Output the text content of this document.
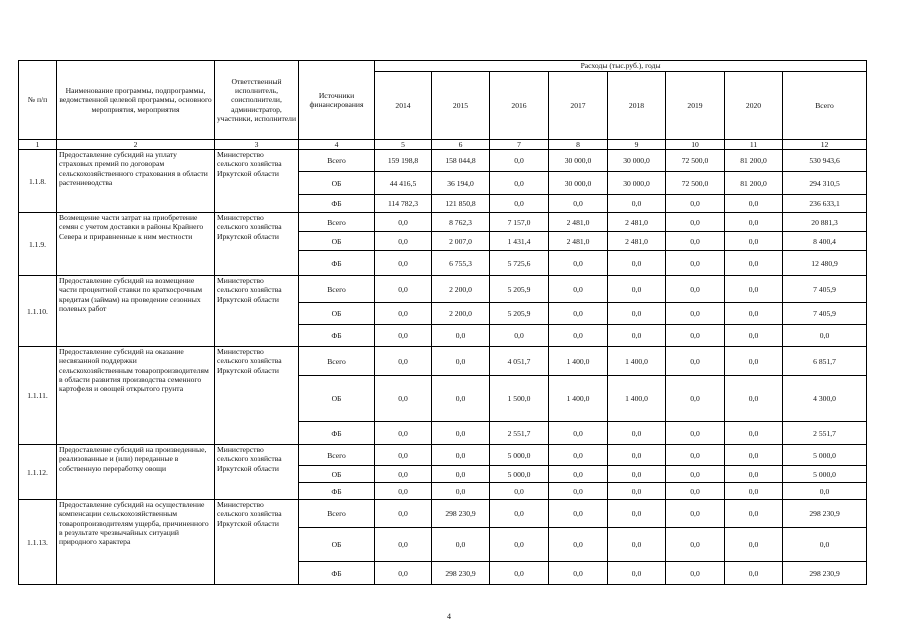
№ п/п	Наименование программы, подпрограммы, ведомственной целевой программы, основного мероприятия, мероприятия	Ответственный исполнитель, соисполнители, администратор, участники, исполнители	Источники финансирования	Расходы (тыс.руб.), годы							
				2014	2015	2016	2017	2018	2019	2020	Всего
1	2	3	4	5	6	7	8	9	10	11	12
1.1.8.	Предоставление субсидий на уплату страховых премий по договорам сельскохозяйственного страхования в области растениеводства	Министерство сельского хозяйства Иркутской области	Всего	159 198,8	158 044,8	0,0	30 000,0	30 000,0	72 500,0	81 200,0	530 943,6
			ОБ	44 416,5	36 194,0	0,0	30 000,0	30 000,0	72 500,0	81 200,0	294 310,5
			ФБ	114 782,3	121 850,8	0,0	0,0	0,0	0,0	0,0	236 633,1
1.1.9.	Возмещение части затрат на приобретение семян с учетом доставки в районы Крайнего Севера и приравненные к ним местности	Министерство сельского хозяйства Иркутской области	Всего	0,0	8 762,3	7 157,0	2 481,0	2 481,0	0,0	0,0	20 881,3
			ОБ	0,0	2 007,0	1 431,4	2 481,0	2 481,0	0,0	0,0	8 400,4
			ФБ	0,0	6 755,3	5 725,6	0,0	0,0	0,0	0,0	12 480,9
1.1.10.	Предоставление субсидий на возмещение части процентной ставки по краткосрочным кредитам (займам) на проведение сезонных полевых работ	Министерство сельского хозяйства Иркутской области	Всего	0,0	2 200,0	5 205,9	0,0	0,0	0,0	0,0	7 405,9
			ОБ	0,0	2 200,0	5 205,9	0,0	0,0	0,0	0,0	7 405,9
			ФБ	0,0	0,0	0,0	0,0	0,0	0,0	0,0	0,0
1.1.11.	Предоставление субсидий на оказание несвязанной поддержки сельскохозяйственным товаропроизводителям в области развития производства семенного картофеля и овощей открытого грунта	Министерство сельского хозяйства Иркутской области	Всего	0,0	0,0	4 051,7	1 400,0	1 400,0	0,0	0,0	6 851,7
			ОБ	0,0	0,0	1 500,0	1 400,0	1 400,0	0,0	0,0	4 300,0
			ФБ	0,0	0,0	2 551,7	0,0	0,0	0,0	0,0	2 551,7
1.1.12.	Предоставление субсидий на произведенные, реализованные и (или) переданные в собственную переработку овощи	Министерство сельского хозяйства Иркутской области	Всего	0,0	0,0	5 000,0	0,0	0,0	0,0	0,0	5 000,0
			ОБ	0,0	0,0	5 000,0	0,0	0,0	0,0	0,0	5 000,0
			ФБ	0,0	0,0	0,0	0,0	0,0	0,0	0,0	0,0
1.1.13.	Предоставление субсидий на осуществление компенсации сельскохозяйственным товаропроизводителям ущерба, причиненного в результате чрезвычайных ситуаций природного характера	Министерство сельского хозяйства Иркутской области	Всего	0,0	298 230,9	0,0	0,0	0,0	0,0	0,0	298 230,9
			ОБ	0,0	0,0	0,0	0,0	0,0	0,0	0,0	0,0
			ФБ	0,0	298 230,9	0,0	0,0	0,0	0,0	0,0	298 230,9
4
